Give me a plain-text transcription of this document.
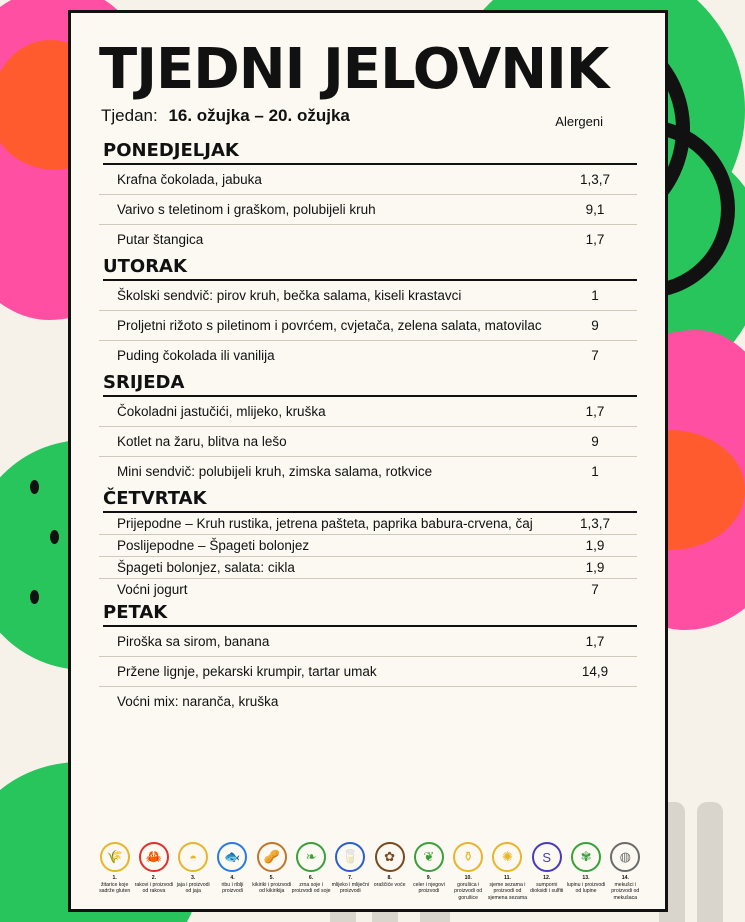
TJEDNI JELOVNIK
Tjedan: 16. ožujka – 20. ožujka
PONEDJELJAK
Alergeni
Krafna čokolada, jabuka	1,3,7
Varivo s teletinom i graškom, polubijeli kruh	9,1
Putar štangica	1,7
UTORAK
Školski sendvič: pirov kruh, bečka salama, kiseli krastavci	1
Proljetni rižoto s piletinom i povrćem, cvjetača, zelena salata, matovilac	9
Puding čokolada ili vanilija	7
SRIJEDA
Čokoladni jastučići, mlijeko, kruška	1,7
Kotlet na žaru, blitva na lešo	9
Mini sendvič: polubijeli kruh, zimska salama, rotkvice	1
ČETVRTAK
Prijepodne – Kruh rustika, jetrena pašteta, paprika babura-crvena, čaj	1,3,7
Poslijepodne – Špageti bolonjez	1,9
Špageti bolonjez, salata: cikla	1,9
Voćni jogurt	7
PETAK
Piroška sa sirom, banana	1,7
Pržene lignje, pekarski krumpir, tartar umak	14,9
Voćni mix: naranča, kruška	
🌾
1.
žitarice koje sadrže gluten
🦀
2.
rakovi i proizvodi od rakova
◓
3.
jaja i proizvodi od jaja
🐟
4.
ribu i riblji proizvodi
🥜
5.
kikiriki i proizvodi od kikirikija
❧
6.
zrna soje i proizvodi od soje
🥛
7.
mlijeko i mliječni proizvodi
✿
8.
oraščiće voće
❦
9.
celer i njegovi proizvodi
⚱
10.
gorušica i proizvodi od gorušice
✺
11.
sjeme sezama i proizvodi od sjemena sezama
S
12.
sumporni dioksidi i sulfiti
✾
13.
lupinu i proizvodi od lupine
◍
14.
mekušci i proizvodi od mekušaca
